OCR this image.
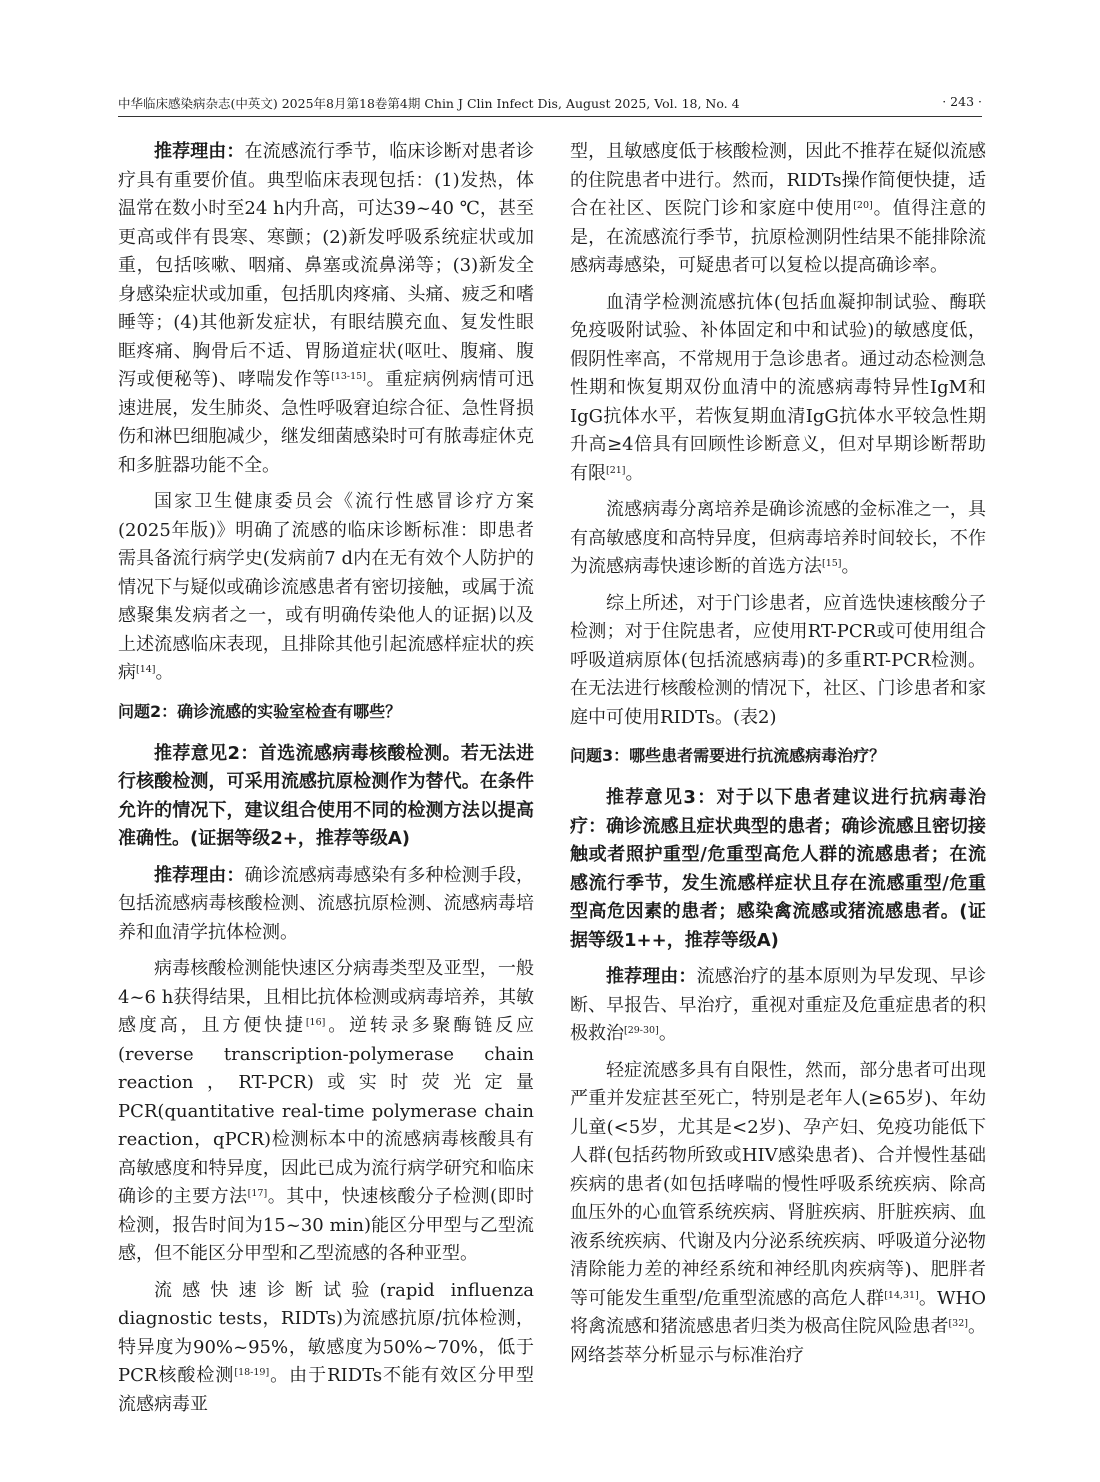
中华临床感染病杂志(中英文) 2025年8月第18卷第4期 Chin J Clin Infect Dis, August 2025, Vol. 18, No. 4	· 243 ·

推荐理由：在流感流行季节，临床诊断对患者诊疗具有重要价值。典型临床表现包括：(1)发热，体温常在数小时至24 h内升高，可达39~40 ℃，甚至更高或伴有畏寒、寒颤；(2)新发呼吸系统症状或加重，包括咳嗽、咽痛、鼻塞或流鼻涕等；(3)新发全身感染症状或加重，包括肌肉疼痛、头痛、疲乏和嗜睡等；(4)其他新发症状，有眼结膜充血、复发性眼眶疼痛、胸骨后不适、胃肠道症状(呕吐、腹痛、腹泻或便秘等)、哮喘发作等[13-15]。重症病例病情可迅速进展，发生肺炎、急性呼吸窘迫综合征、急性肾损伤和淋巴细胞减少，继发细菌感染时可有脓毒症休克和多脏器功能不全。

国家卫生健康委员会《流行性感冒诊疗方案(2025年版)》明确了流感的临床诊断标准：即患者需具备流行病学史(发病前7 d内在无有效个人防护的情况下与疑似或确诊流感患者有密切接触，或属于流感聚集发病者之一，或有明确传染他人的证据)以及上述流感临床表现，且排除其他引起流感样症状的疾病[14]。

问题2：确诊流感的实验室检查有哪些？

推荐意见2：首选流感病毒核酸检测。若无法进行核酸检测，可采用流感抗原检测作为替代。在条件允许的情况下，建议组合使用不同的检测方法以提高准确性。(证据等级2+，推荐等级A)

推荐理由：确诊流感病毒感染有多种检测手段，包括流感病毒核酸检测、流感抗原检测、流感病毒培养和血清学抗体检测。

病毒核酸检测能快速区分病毒类型及亚型，一般4~6 h获得结果，且相比抗体检测或病毒培养，其敏感度高，且方便快捷[16]。逆转录多聚酶链反应(reverse transcription-polymerase chain reaction，RT-PCR)或实时荧光定量PCR(quantitative real-time polymerase chain reaction，qPCR)检测标本中的流感病毒核酸具有高敏感度和特异度，因此已成为流行病学研究和临床确诊的主要方法[17]。其中，快速核酸分子检测(即时检测，报告时间为15~30 min)能区分甲型与乙型流感，但不能区分甲型和乙型流感的各种亚型。

流感快速诊断试验(rapid influenza diagnostic tests，RIDTs)为流感抗原/抗体检测，特异度为90%~95%，敏感度为50%~70%，低于PCR核酸检测[18-19]。由于RIDTs不能有效区分甲型流感病毒亚

型，且敏感度低于核酸检测，因此不推荐在疑似流感的住院患者中进行。然而，RIDTs操作简便快捷，适合在社区、医院门诊和家庭中使用[20]。值得注意的是，在流感流行季节，抗原检测阴性结果不能排除流感病毒感染，可疑患者可以复检以提高确诊率。

血清学检测流感抗体(包括血凝抑制试验、酶联免疫吸附试验、补体固定和中和试验)的敏感度低，假阴性率高，不常规用于急诊患者。通过动态检测急性期和恢复期双份血清中的流感病毒特异性IgM和IgG抗体水平，若恢复期血清IgG抗体水平较急性期升高≥4倍具有回顾性诊断意义，但对早期诊断帮助有限[21]。

流感病毒分离培养是确诊流感的金标准之一，具有高敏感度和高特异度，但病毒培养时间较长，不作为流感病毒快速诊断的首选方法[15]。

综上所述，对于门诊患者，应首选快速核酸分子检测；对于住院患者，应使用RT-PCR或可使用组合呼吸道病原体(包括流感病毒)的多重RT-PCR检测。在无法进行核酸检测的情况下，社区、门诊患者和家庭中可使用RIDTs。(表2)

问题3：哪些患者需要进行抗流感病毒治疗？

推荐意见3：对于以下患者建议进行抗病毒治疗：确诊流感且症状典型的患者；确诊流感且密切接触或者照护重型/危重型高危人群的流感患者；在流感流行季节，发生流感样症状且存在流感重型/危重型高危因素的患者；感染禽流感或猪流感患者。(证据等级1++，推荐等级A)

推荐理由：流感治疗的基本原则为早发现、早诊断、早报告、早治疗，重视对重症及危重症患者的积极救治[29-30]。

轻症流感多具有自限性，然而，部分患者可出现严重并发症甚至死亡，特别是老年人(≥65岁)、年幼儿童(<5岁，尤其是<2岁)、孕产妇、免疫功能低下人群(包括药物所致或HIV感染患者)、合并慢性基础疾病的患者(如包括哮喘的慢性呼吸系统疾病、除高血压外的心血管系统疾病、肾脏疾病、肝脏疾病、血液系统疾病、代谢及内分泌系统疾病、呼吸道分泌物清除能力差的神经系统和神经肌肉疾病等)、肥胖者等可能发生重型/危重型流感的高危人群[14,31]。WHO将禽流感和猪流感患者归类为极高住院风险患者[32]。网络荟萃分析显示与标准治疗
